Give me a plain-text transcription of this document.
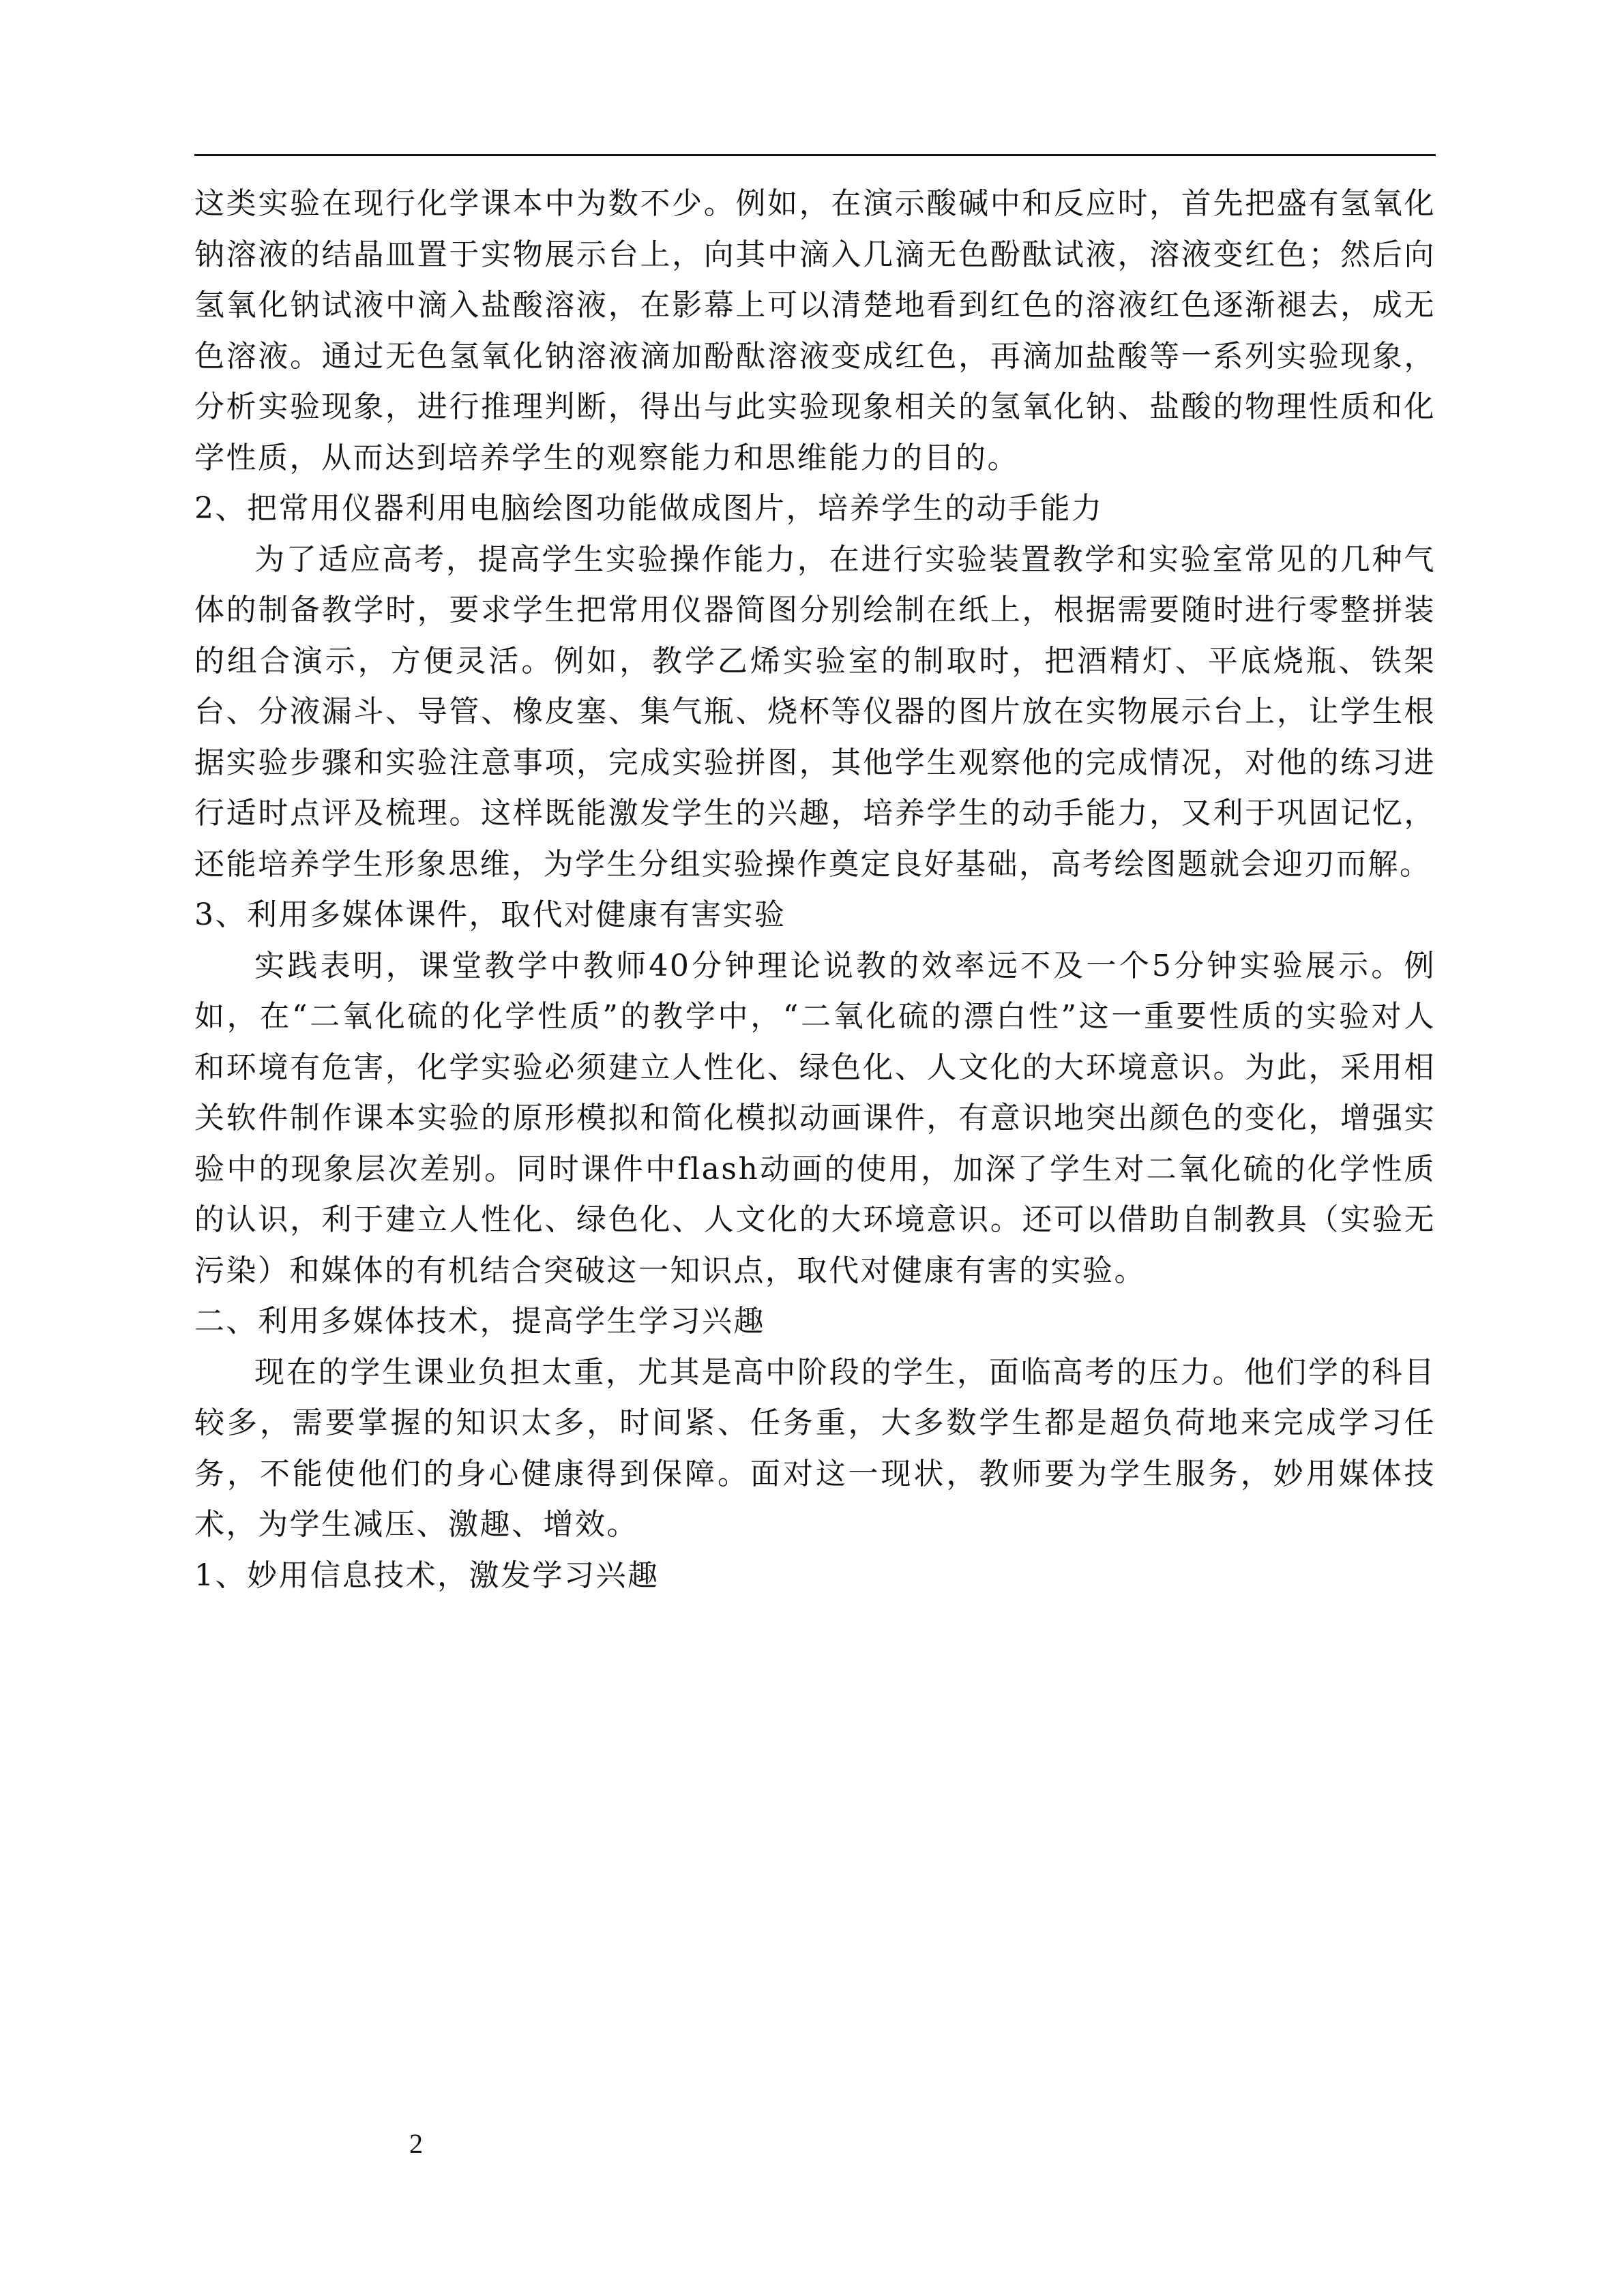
这类实验在现行化学课本中为数不少。例如，在演示酸碱中和反应时，首先把盛有氢氧化钠溶液的结晶皿置于实物展示台上，向其中滴入几滴无色酚酞试液，溶液变红色；然后向氢氧化钠试液中滴入盐酸溶液，在影幕上可以清楚地看到红色的溶液红色逐渐褪去，成无色溶液。通过无色氢氧化钠溶液滴加酚酞溶液变成红色，再滴加盐酸等一系列实验现象，分析实验现象，进行推理判断，得出与此实验现象相关的氢氧化钠、盐酸的物理性质和化学性质，从而达到培养学生的观察能力和思维能力的目的。

2、把常用仪器利用电脑绘图功能做成图片，培养学生的动手能力

为了适应高考，提高学生实验操作能力，在进行实验装置教学和实验室常见的几种气体的制备教学时，要求学生把常用仪器简图分别绘制在纸上，根据需要随时进行零整拼装的组合演示，方便灵活。例如，教学乙烯实验室的制取时，把酒精灯、平底烧瓶、铁架台、分液漏斗、导管、橡皮塞、集气瓶、烧杯等仪器的图片放在实物展示台上，让学生根据实验步骤和实验注意事项，完成实验拼图，其他学生观察他的完成情况，对他的练习进行适时点评及梳理。这样既能激发学生的兴趣，培养学生的动手能力，又利于巩固记忆，还能培养学生形象思维，为学生分组实验操作奠定良好基础，高考绘图题就会迎刃而解。

3、利用多媒体课件，取代对健康有害实验

实践表明，课堂教学中教师40分钟理论说教的效率远不及一个5分钟实验展示。例如，在“二氧化硫的化学性质”的教学中，“二氧化硫的漂白性”这一重要性质的实验对人和环境有危害，化学实验必须建立人性化、绿色化、人文化的大环境意识。为此，采用相关软件制作课本实验的原形模拟和简化模拟动画课件，有意识地突出颜色的变化，增强实验中的现象层次差别。同时课件中flash动画的使用，加深了学生对二氧化硫的化学性质的认识，利于建立人性化、绿色化、人文化的大环境意识。还可以借助自制教具（实验无污染）和媒体的有机结合突破这一知识点，取代对健康有害的实验。

二、利用多媒体技术，提高学生学习兴趣

现在的学生课业负担太重，尤其是高中阶段的学生，面临高考的压力。他们学的科目较多，需要掌握的知识太多，时间紧、任务重，大多数学生都是超负荷地来完成学习任务，不能使他们的身心健康得到保障。面对这一现状，教师要为学生服务，妙用媒体技术，为学生减压、激趣、增效。

1、妙用信息技术，激发学习兴趣

2
